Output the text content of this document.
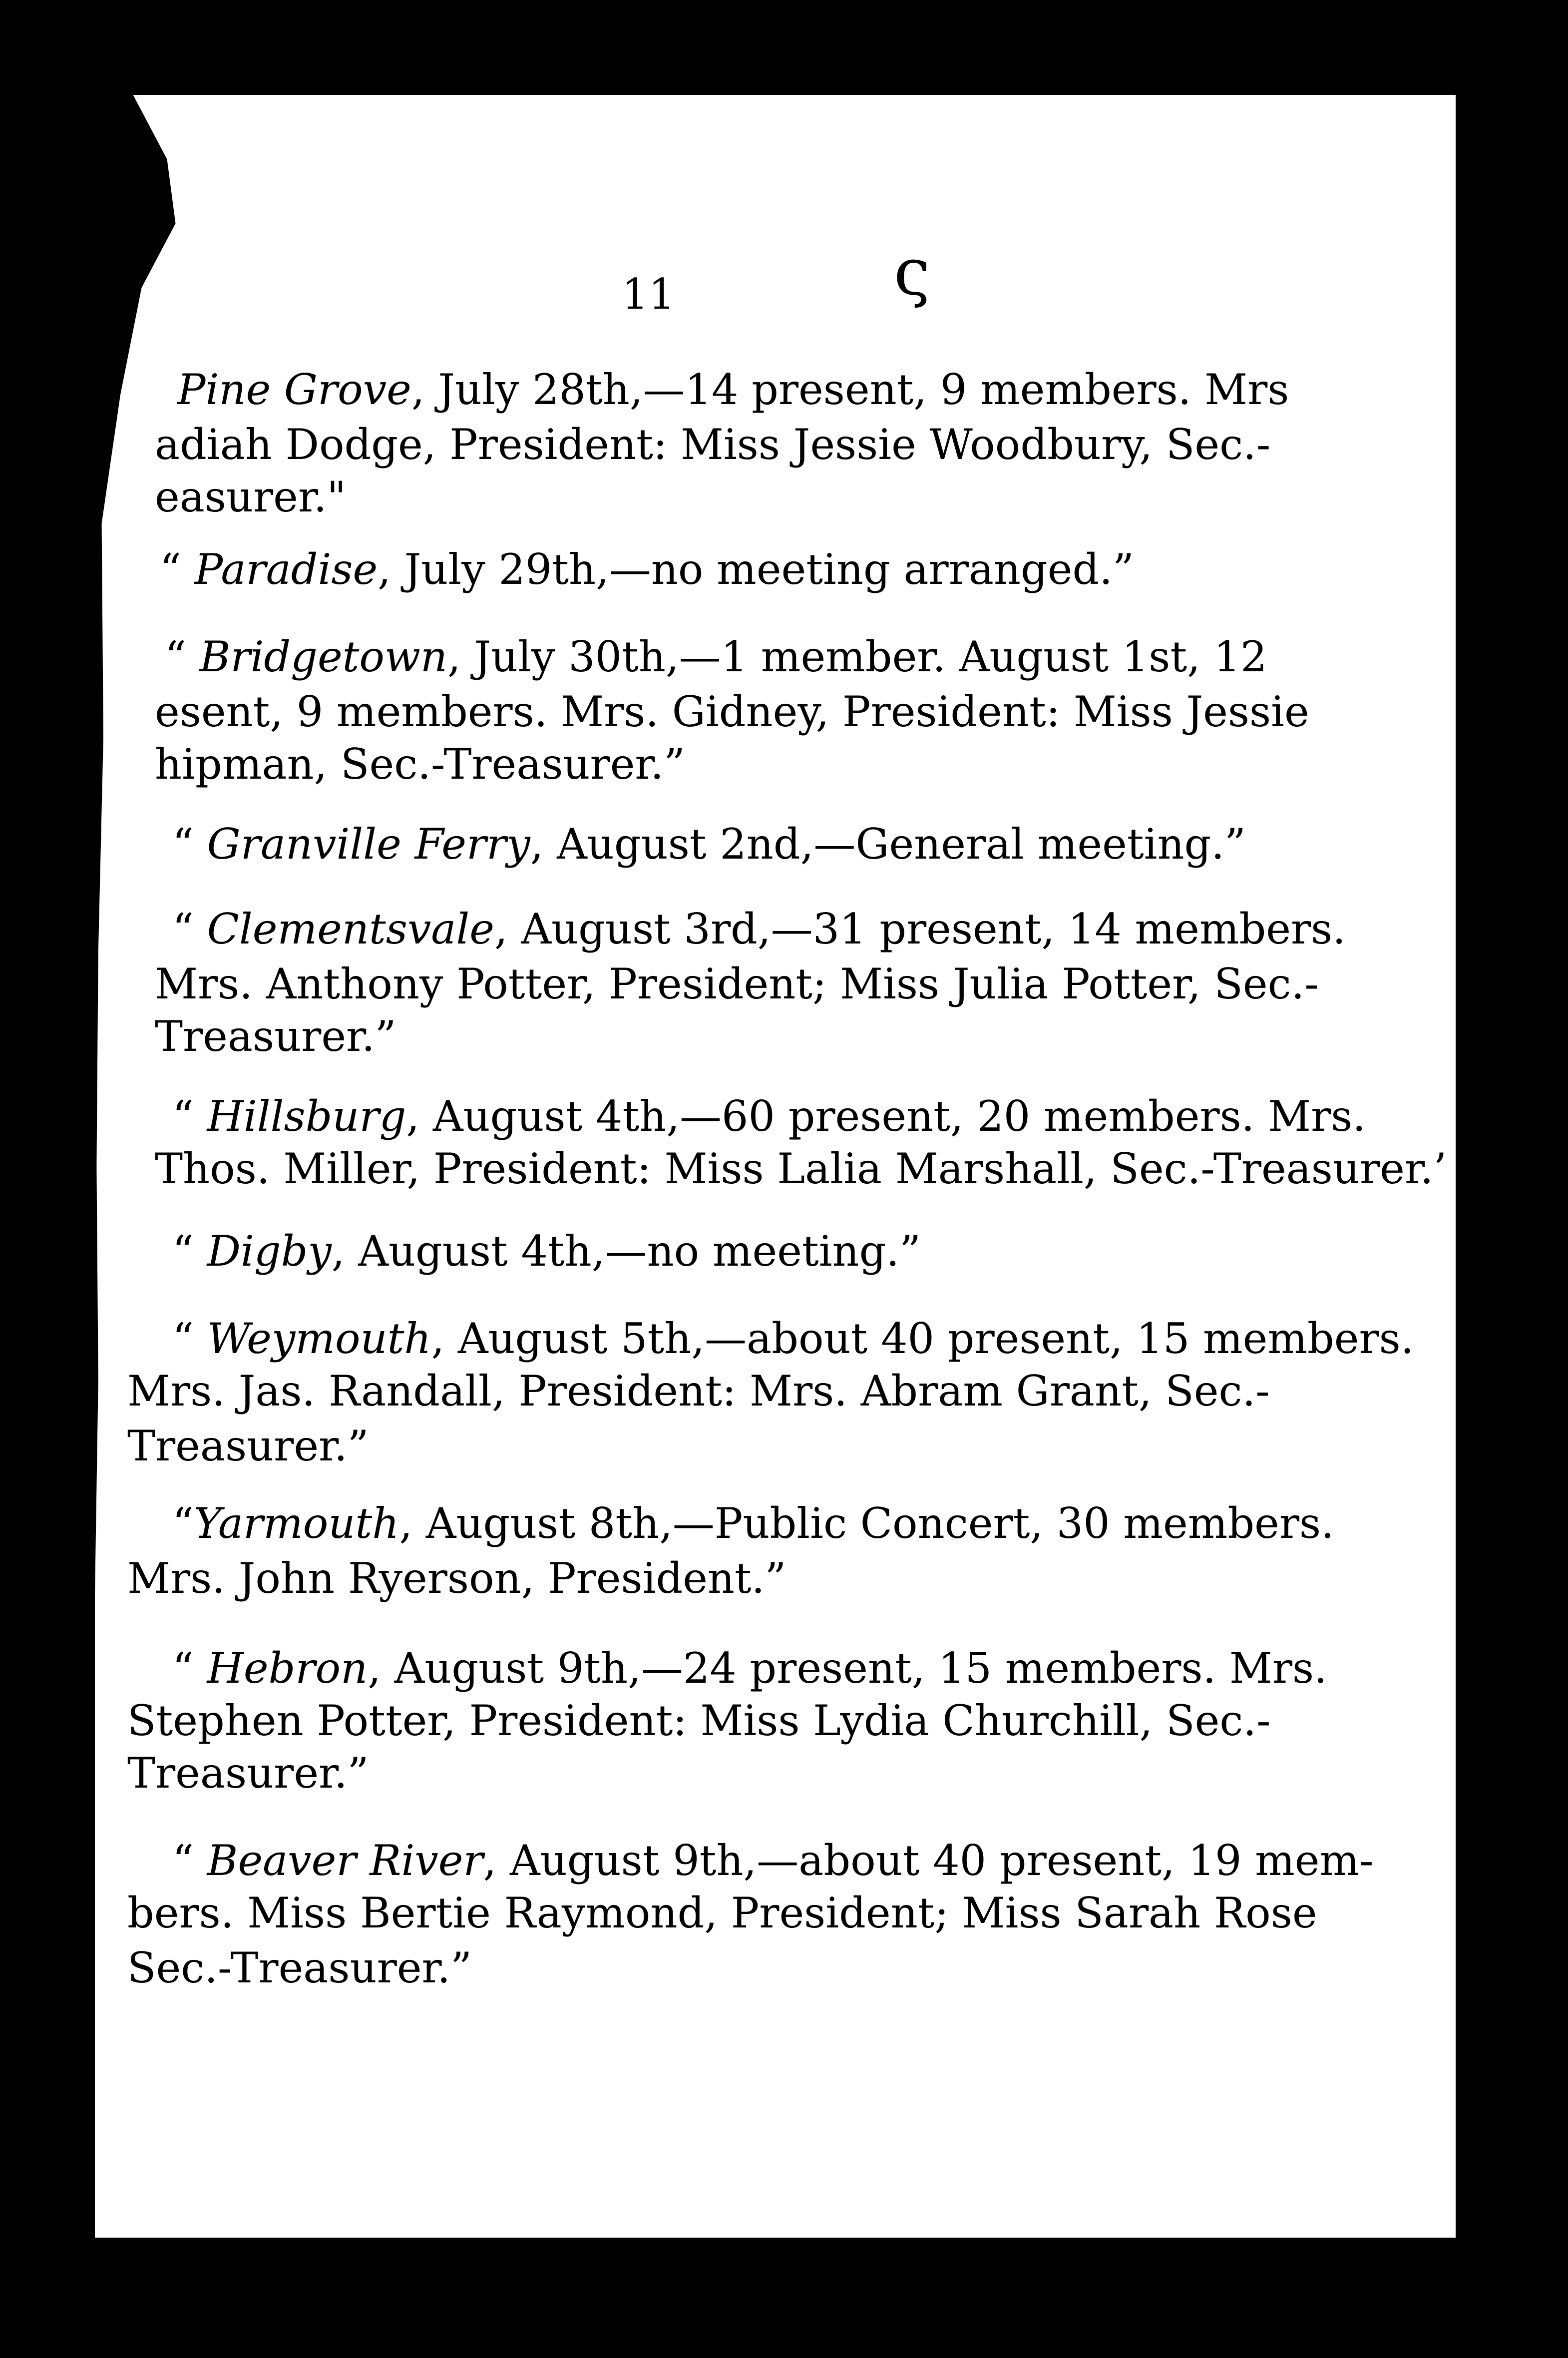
ς
11
Pine Grove, July 28th,—14 present, 9 members. Mrs
adiah Dodge, President: Miss Jessie Woodbury, Sec.-
easurer."
“ Paradise, July 29th,—no meeting arranged.”
“ Bridgetown, July 30th,—1 member. August 1st, 12
esent, 9 members. Mrs. Gidney, President: Miss Jessie
hipman, Sec.-Treasurer.”
“ Granville Ferry, August 2nd,—General meeting.”
“ Clementsvale, August 3rd,—31 present, 14 members.
Mrs. Anthony Potter, President; Miss Julia Potter, Sec.-
Treasurer.”
“ Hillsburg, August 4th,—60 present, 20 members. Mrs.
Thos. Miller, President: Miss Lalia Marshall, Sec.-Treasurer.’
“ Digby, August 4th,—no meeting.”
“ Weymouth, August 5th,—about 40 present, 15 members.
Mrs. Jas. Randall, President: Mrs. Abram Grant, Sec.-
Treasurer.”
“Yarmouth, August 8th,—Public Concert, 30 members.
Mrs. John Ryerson, President.”
“ Hebron, August 9th,—24 present, 15 members. Mrs.
Stephen Potter, President: Miss Lydia Churchill, Sec.-
Treasurer.”
“ Beaver River, August 9th,—about 40 present, 19 mem-
bers. Miss Bertie Raymond, President; Miss Sarah Rose
Sec.-Treasurer.”
